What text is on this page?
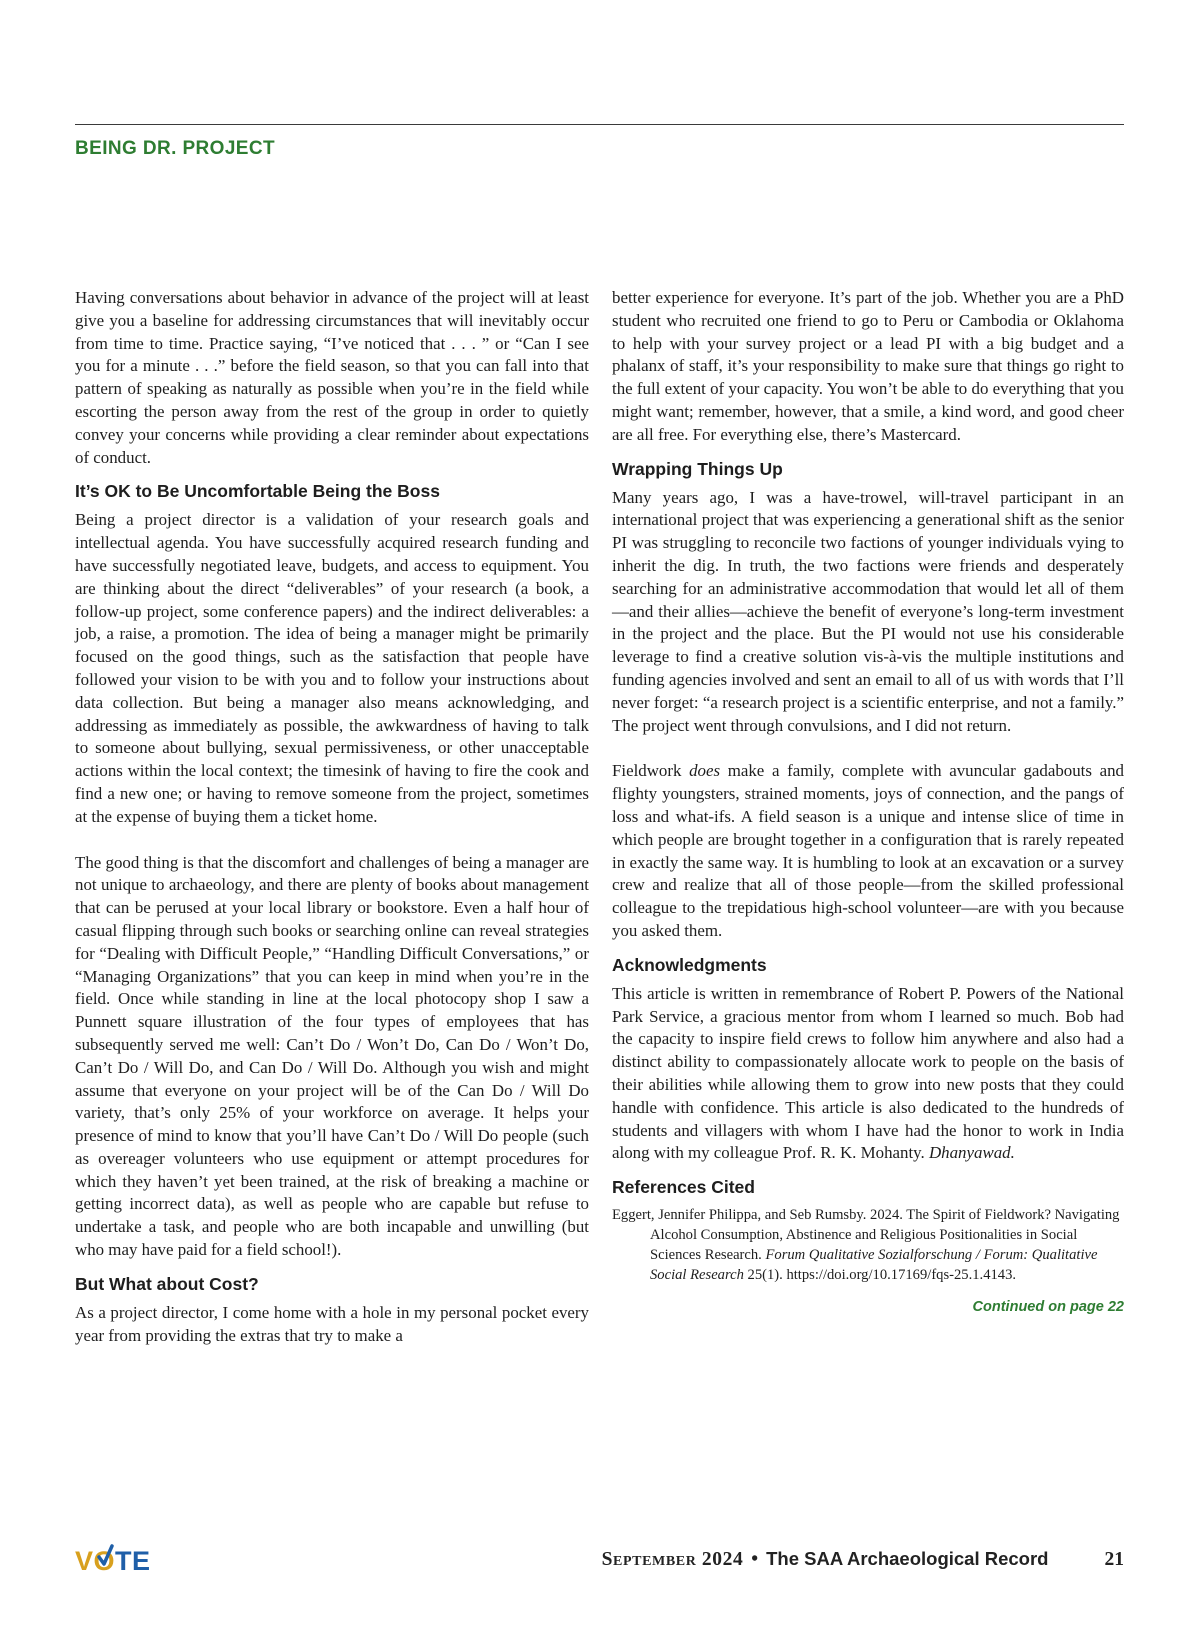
BEING DR. PROJECT

Having conversations about behavior in advance of the project will at least give you a baseline for addressing circumstances that will inevitably occur from time to time. Practice saying, “I’ve noticed that . . . ” or “Can I see you for a minute . . .” before the field season, so that you can fall into that pattern of speaking as naturally as possible when you’re in the field while escorting the person away from the rest of the group in order to quietly convey your concerns while providing a clear reminder about expectations of conduct.

It’s OK to Be Uncomfortable Being the Boss

Being a project director is a validation of your research goals and intellectual agenda. You have successfully acquired research funding and have successfully negotiated leave, budgets, and access to equipment. You are thinking about the direct “deliverables” of your research (a book, a follow-up project, some conference papers) and the indirect deliverables: a job, a raise, a promotion. The idea of being a manager might be primarily focused on the good things, such as the satisfaction that people have followed your vision to be with you and to follow your instructions about data collection. But being a manager also means acknowledging, and addressing as immediately as possible, the awkwardness of having to talk to someone about bullying, sexual permissiveness, or other unacceptable actions within the local context; the timesink of having to fire the cook and find a new one; or having to remove someone from the project, sometimes at the expense of buying them a ticket home.

The good thing is that the discomfort and challenges of being a manager are not unique to archaeology, and there are plenty of books about management that can be perused at your local library or bookstore. Even a half hour of casual flipping through such books or searching online can reveal strategies for “Dealing with Difficult People,” “Handling Difficult Conversations,” or “Managing Organizations” that you can keep in mind when you’re in the field. Once while standing in line at the local photocopy shop I saw a Punnett square illustration of the four types of employees that has subsequently served me well: Can’t Do / Won’t Do, Can Do / Won’t Do, Can’t Do / Will Do, and Can Do / Will Do. Although you wish and might assume that everyone on your project will be of the Can Do / Will Do variety, that’s only 25% of your workforce on average. It helps your presence of mind to know that you’ll have Can’t Do / Will Do people (such as overeager volunteers who use equipment or attempt procedures for which they haven’t yet been trained, at the risk of breaking a machine or getting incorrect data), as well as people who are capable but refuse to undertake a task, and people who are both incapable and unwilling (but who may have paid for a field school!).

But What about Cost?

As a project director, I come home with a hole in my personal pocket every year from providing the extras that try to make a

better experience for everyone. It’s part of the job. Whether you are a PhD student who recruited one friend to go to Peru or Cambodia or Oklahoma to help with your survey project or a lead PI with a big budget and a phalanx of staff, it’s your responsibility to make sure that things go right to the full extent of your capacity. You won’t be able to do everything that you might want; remember, however, that a smile, a kind word, and good cheer are all free. For everything else, there’s Mastercard.

Wrapping Things Up

Many years ago, I was a have-trowel, will-travel participant in an international project that was experiencing a generational shift as the senior PI was struggling to reconcile two factions of younger individuals vying to inherit the dig. In truth, the two factions were friends and desperately searching for an administrative accommodation that would let all of them—and their allies—achieve the benefit of everyone’s long-term investment in the project and the place. But the PI would not use his considerable leverage to find a creative solution vis-à-vis the multiple institutions and funding agencies involved and sent an email to all of us with words that I’ll never forget: “a research project is a scientific enterprise, and not a family.” The project went through convulsions, and I did not return.

Fieldwork does make a family, complete with avuncular gadabouts and flighty youngsters, strained moments, joys of connection, and the pangs of loss and what-ifs. A field season is a unique and intense slice of time in which people are brought together in a configuration that is rarely repeated in exactly the same way. It is humbling to look at an excavation or a survey crew and realize that all of those people—from the skilled professional colleague to the trepidatious high-school volunteer—are with you because you asked them.

Acknowledgments

This article is written in remembrance of Robert P. Powers of the National Park Service, a gracious mentor from whom I learned so much. Bob had the capacity to inspire field crews to follow him anywhere and also had a distinct ability to compassionately allocate work to people on the basis of their abilities while allowing them to grow into new posts that they could handle with confidence. This article is also dedicated to the hundreds of students and villagers with whom I have had the honor to work in India along with my colleague Prof. R. K. Mohanty. Dhanyawad.

References Cited

Eggert, Jennifer Philippa, and Seb Rumsby. 2024. The Spirit of Fieldwork? Navigating Alcohol Consumption, Abstinence and Religious Positionalities in Social Sciences Research. Forum Qualitative Sozialforschung / Forum: Qualitative Social Research 25(1). https://doi.org/10.17169/fqs-25.1.4143.

Continued on page 22
VO
TE	September 2024 • The SAA Archaeological Record	21
